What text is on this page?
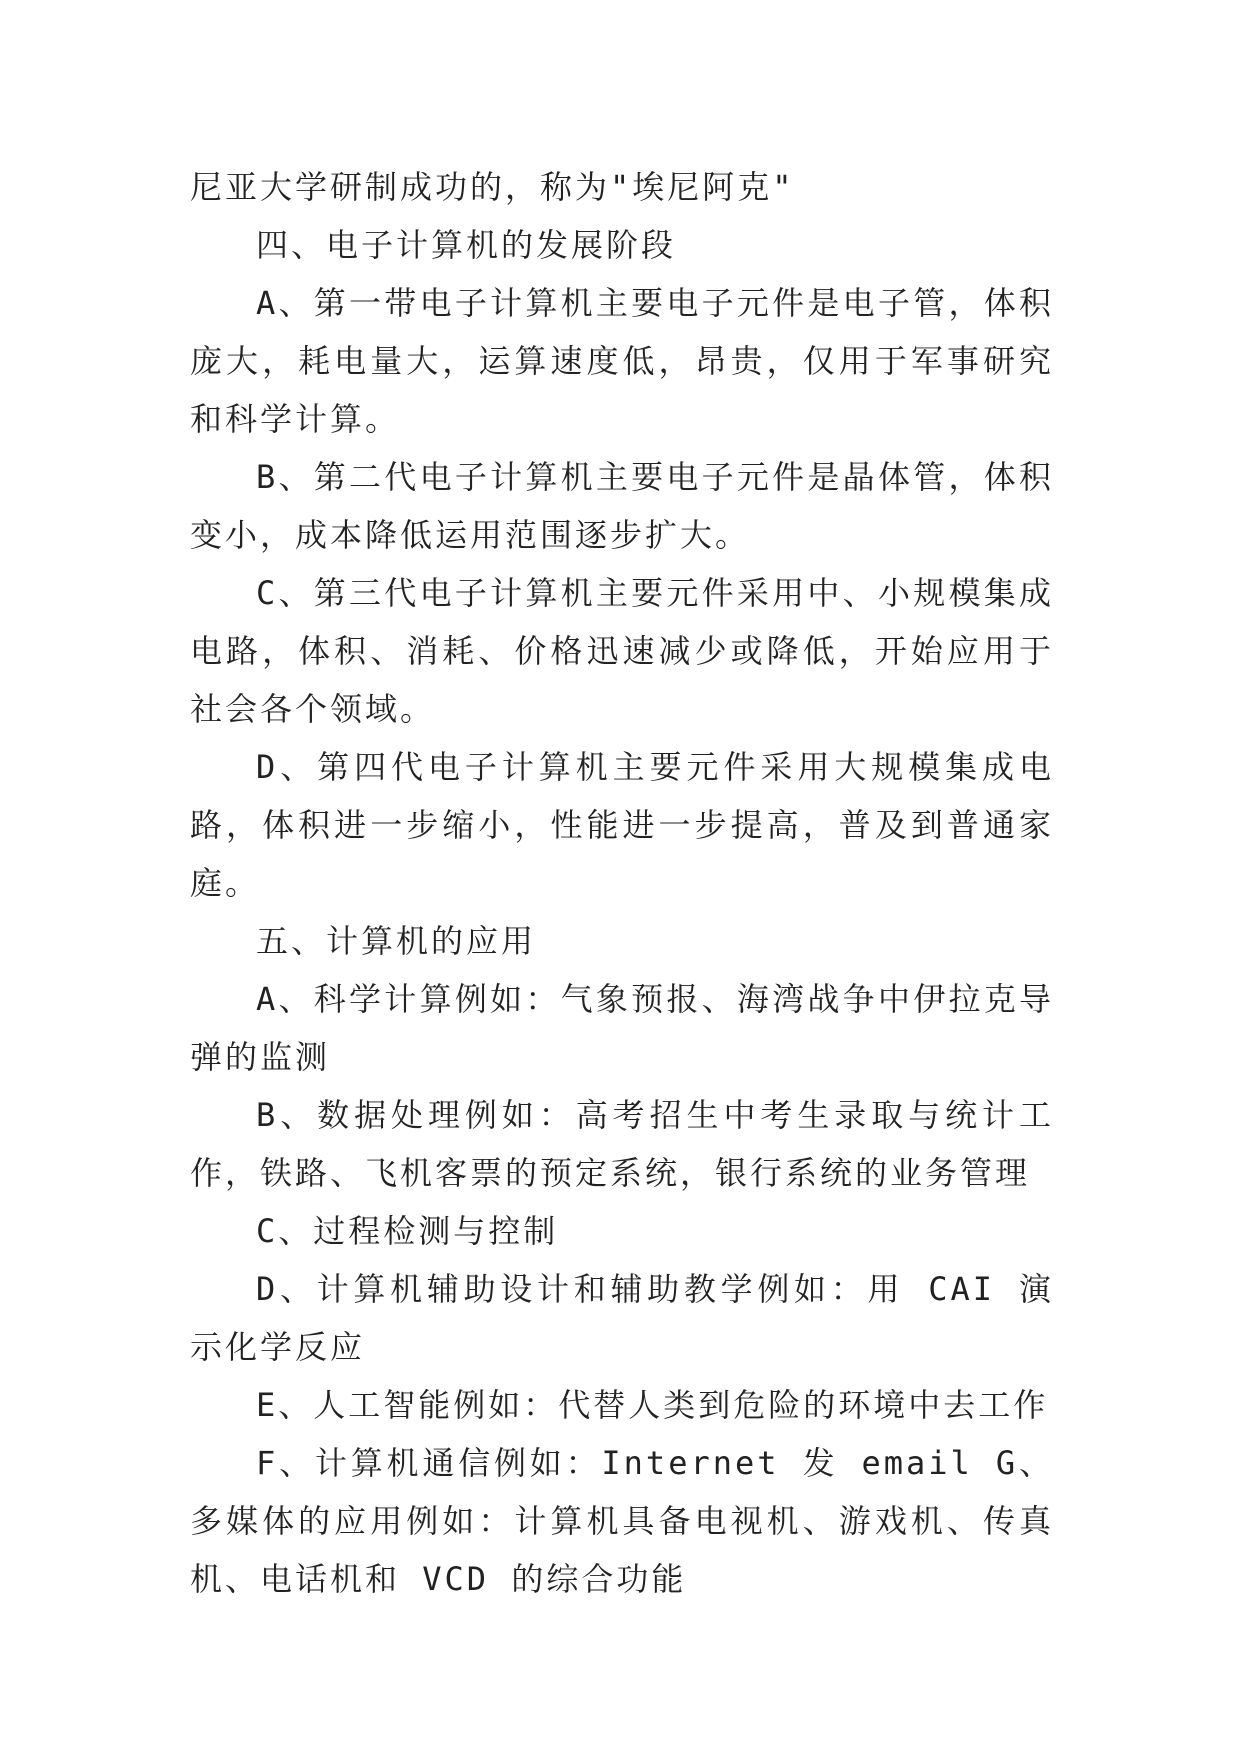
尼亚大学研制成功的，称为"埃尼阿克"

四、电子计算机的发展阶段

A、第一带电子计算机主要电子元件是电子管，体积庞大，耗电量大，运算速度低，昂贵，仅用于军事研究和科学计算。

B、第二代电子计算机主要电子元件是晶体管，体积变小，成本降低运用范围逐步扩大。

C、第三代电子计算机主要元件采用中、小规模集成电路，体积、消耗、价格迅速减少或降低，开始应用于社会各个领域。

D、第四代电子计算机主要元件采用大规模集成电路，体积进一步缩小，性能进一步提高，普及到普通家庭。

五、计算机的应用

A、科学计算例如：气象预报、海湾战争中伊拉克导弹的监测

B、数据处理例如：高考招生中考生录取与统计工作，铁路、飞机客票的预定系统，银行系统的业务管理

C、过程检测与控制

D、计算机辅助设计和辅助教学例如：用 CAI 演示化学反应

E、人工智能例如：代替人类到危险的环境中去工作

F、计算机通信例如：Internet 发 email G、多媒体的应用例如：计算机具备电视机、游戏机、传真机、电话机和 VCD 的综合功能
